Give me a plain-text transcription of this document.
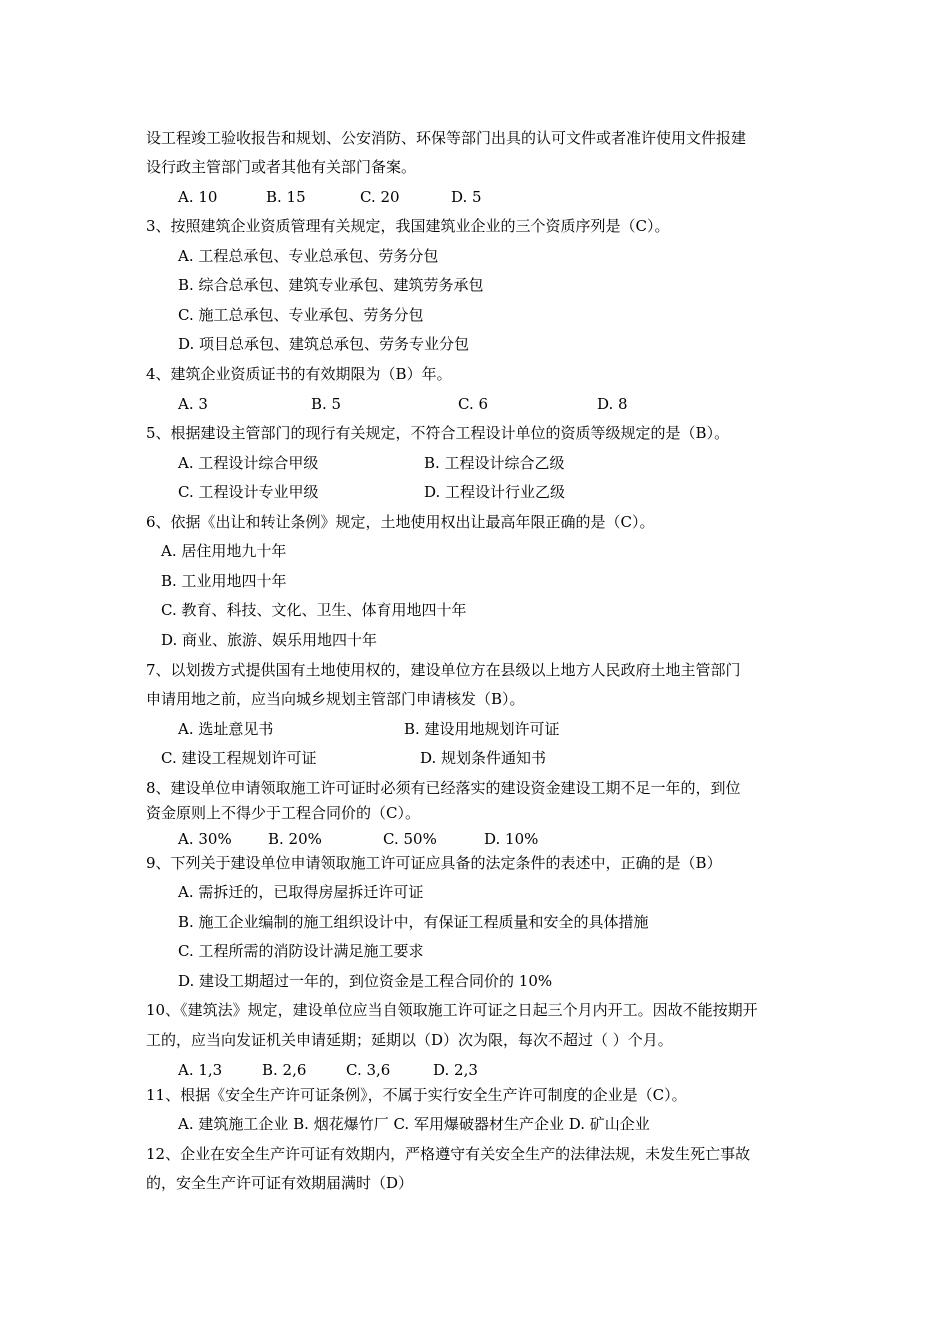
设工程竣工验收报告和规划、公安消防、环保等部门出具的认可文件或者准许使用文件报建
设行政主管部门或者其他有关部门备案。
A. 10	B. 15	C. 20	D. 5
3、按照建筑企业资质管理有关规定，我国建筑业企业的三个资质序列是（C）。
A. 工程总承包、专业总承包、劳务分包
B. 综合总承包、建筑专业承包、建筑劳务承包
C. 施工总承包、专业承包、劳务分包
D. 项目总承包、建筑总承包、劳务专业分包
4、建筑企业资质证书的有效期限为（B）年。
A. 3	B. 5	C. 6	D. 8
5、根据建设主管部门的现行有关规定，不符合工程设计单位的资质等级规定的是（B）。
A. 工程设计综合甲级	B. 工程设计综合乙级
C. 工程设计专业甲级	D. 工程设计行业乙级
6、依据《出让和转让条例》规定，土地使用权出让最高年限正确的是（C）。
A. 居住用地九十年
B. 工业用地四十年
C. 教育、科技、文化、卫生、体育用地四十年
D. 商业、旅游、娱乐用地四十年
7、以划拨方式提供国有土地使用权的，建设单位方在县级以上地方人民政府土地主管部门
申请用地之前，应当向城乡规划主管部门申请核发（B）。
A. 选址意见书	B. 建设用地规划许可证
C. 建设工程规划许可证	D. 规划条件通知书
8、建设单位申请领取施工许可证时必须有已经落实的建设资金建设工期不足一年的，到位
资金原则上不得少于工程合同价的（C）。
A. 30% B. 20%	C. 50%	D. 10%
9、下列关于建设单位申请领取施工许可证应具备的法定条件的表述中，正确的是（B）
A. 需拆迁的，已取得房屋拆迁许可证
B. 施工企业编制的施工组织设计中，有保证工程质量和安全的具体措施
C. 工程所需的消防设计满足施工要求
D. 建设工期超过一年的，到位资金是工程合同价的 10%
10、《建筑法》规定，建设单位应当自领取施工许可证之日起三个月内开工。因故不能按期开
工的，应当向发证机关申请延期；延期以（D）次为限，每次不超过（ ）个月。
A. 1,3	B. 2,6	C. 3,6	D. 2,3
11、根据《安全生产许可证条例》，不属于实行安全生产许可制度的企业是（C）。
A. 建筑施工企业 B. 烟花爆竹厂 C. 军用爆破器材生产企业 D. 矿山企业
12、企业在安全生产许可证有效期内，严格遵守有关安全生产的法律法规，未发生死亡事故
的，安全生产许可证有效期届满时（D）
